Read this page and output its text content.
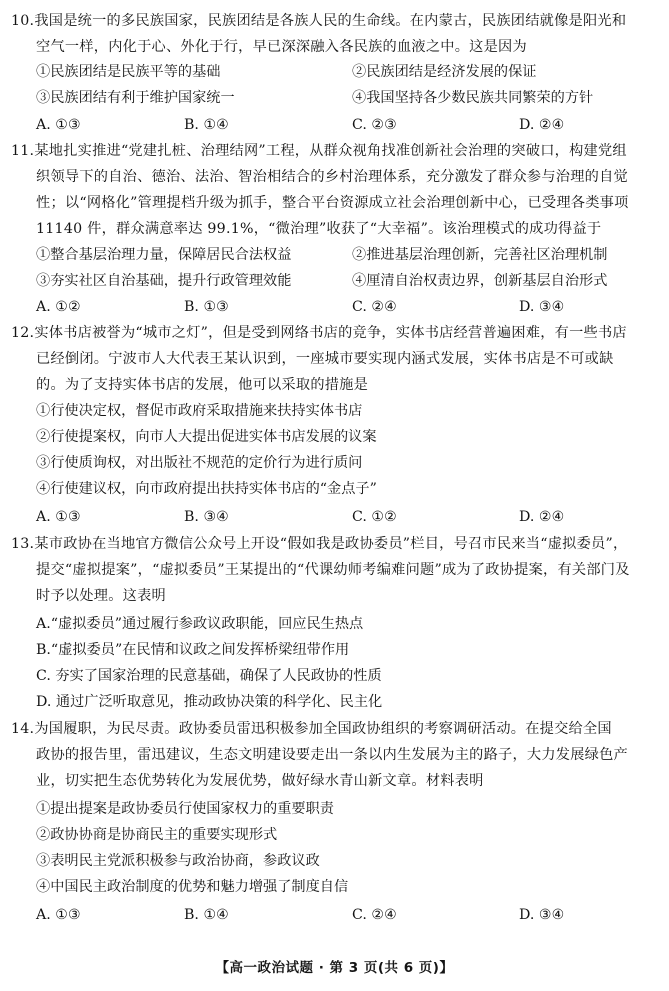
10.我国是统一的多民族国家，民族团结是各族人民的生命线。在内蒙古，民族团结就像是阳光和
空气一样，内化于心、外化于行，早已深深融入各民族的血液之中。这是因为
①民族团结是民族平等的基础	②民族团结是经济发展的保证
③民族团结有利于维护国家统一	④我国坚持各少数民族共同繁荣的方针
A. ①③	B. ①④	C. ②③	D. ②④
11.某地扎实推进“党建扎桩、治理结网”工程，从群众视角找准创新社会治理的突破口，构建党组
织领导下的自治、德治、法治、智治相结合的乡村治理体系，充分激发了群众参与治理的自觉
性；以“网格化”管理提档升级为抓手，整合平台资源成立社会治理创新中心，已受理各类事项
11140 件，群众满意率达 99.1%，“微治理”收获了“大幸福”。该治理模式的成功得益于
①整合基层治理力量，保障居民合法权益	②推进基层治理创新，完善社区治理机制
③夯实社区自治基础，提升行政管理效能	④厘清自治权责边界，创新基层自治形式
A. ①②	B. ①③	C. ②④	D. ③④
12.实体书店被誉为“城市之灯”，但是受到网络书店的竞争，实体书店经营普遍困难，有一些书店
已经倒闭。宁波市人大代表王某认识到，一座城市要实现内涵式发展，实体书店是不可或缺
的。为了支持实体书店的发展，他可以采取的措施是
①行使决定权，督促市政府采取措施来扶持实体书店
②行使提案权，向市人大提出促进实体书店发展的议案
③行使质询权，对出版社不规范的定价行为进行质问
④行使建议权，向市政府提出扶持实体书店的“金点子”
A. ①③	B. ③④	C. ①②	D. ②④
13.某市政协在当地官方微信公众号上开设“假如我是政协委员”栏目，号召市民来当“虚拟委员”，
提交“虚拟提案”，“虚拟委员”王某提出的“代课幼师考编难问题”成为了政协提案，有关部门及
时予以处理。这表明
A.“虚拟委员”通过履行参政议政职能，回应民生热点
B.“虚拟委员”在民情和议政之间发挥桥梁纽带作用
C. 夯实了国家治理的民意基础，确保了人民政协的性质
D. 通过广泛听取意见，推动政协决策的科学化、民主化
14.为国履职，为民尽责。政协委员雷迅积极参加全国政协组织的考察调研活动。在提交给全国
政协的报告里，雷迅建议，生态文明建设要走出一条以内生发展为主的路子，大力发展绿色产
业，切实把生态优势转化为发展优势，做好绿水青山新文章。材料表明
①提出提案是政协委员行使国家权力的重要职责
②政协协商是协商民主的重要实现形式
③表明民主党派积极参与政治协商，参政议政
④中国民主政治制度的优势和魅力增强了制度自信
A. ①③	B. ①④	C. ②④	D. ③④
【高一政治试题 · 第 3 页(共 6 页)】
